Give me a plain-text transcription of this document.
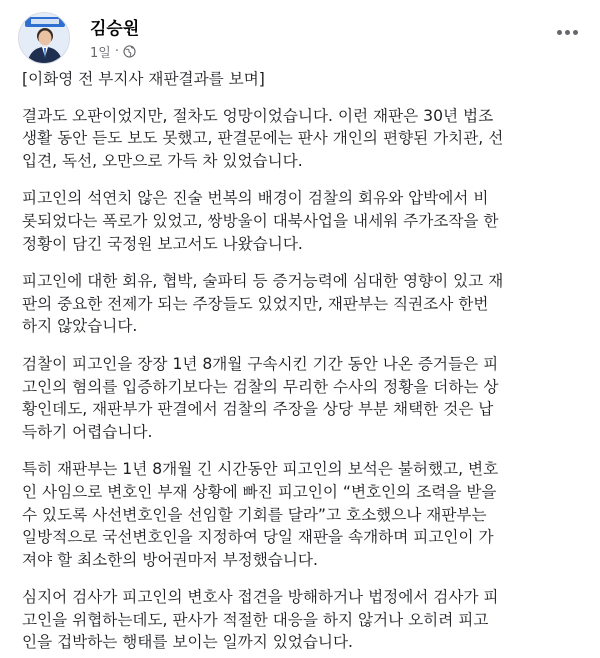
김승원
1일 ·
[이화영 전 부지사 재판결과를 보며]
결과도 오판이었지만, 절차도 엉망이었습니다. 이런 재판은 30년 법조
생활 동안 듣도 보도 못했고, 판결문에는 판사 개인의 편향된 가치관, 선
입견, 독선, 오만으로 가득 차 있었습니다.
피고인의 석연치 않은 진술 번복의 배경이 검찰의 회유와 압박에서 비
롯되었다는 폭로가 있었고, 쌍방울이 대북사업을 내세워 주가조작을 한
정황이 담긴 국정원 보고서도 나왔습니다.
피고인에 대한 회유, 협박, 술파티 등 증거능력에 심대한 영향이 있고 재
판의 중요한 전제가 되는 주장들도 있었지만, 재판부는 직권조사 한번
하지 않았습니다.
검찰이 피고인을 장장 1년 8개월 구속시킨 기간 동안 나온 증거들은 피
고인의 혐의를 입증하기보다는 검찰의 무리한 수사의 정황을 더하는 상
황인데도, 재판부가 판결에서 검찰의 주장을 상당 부분 채택한 것은 납
득하기 어렵습니다.
특히 재판부는 1년 8개월 긴 시간동안 피고인의 보석은 불허했고, 변호
인 사임으로 변호인 부재 상황에 빠진 피고인이 “변호인의 조력을 받을
수 있도록 사선변호인을 선임할 기회를 달라”고 호소했으나 재판부는
일방적으로 국선변호인을 지정하여 당일 재판을 속개하며 피고인이 가
져야 할 최소한의 방어권마저 부정했습니다.
심지어 검사가 피고인의 변호사 접견을 방해하거나 법정에서 검사가 피
고인을 위협하는데도, 판사가 적절한 대응을 하지 않거나 오히려 피고
인을 겁박하는 행태를 보이는 일까지 있었습니다.
